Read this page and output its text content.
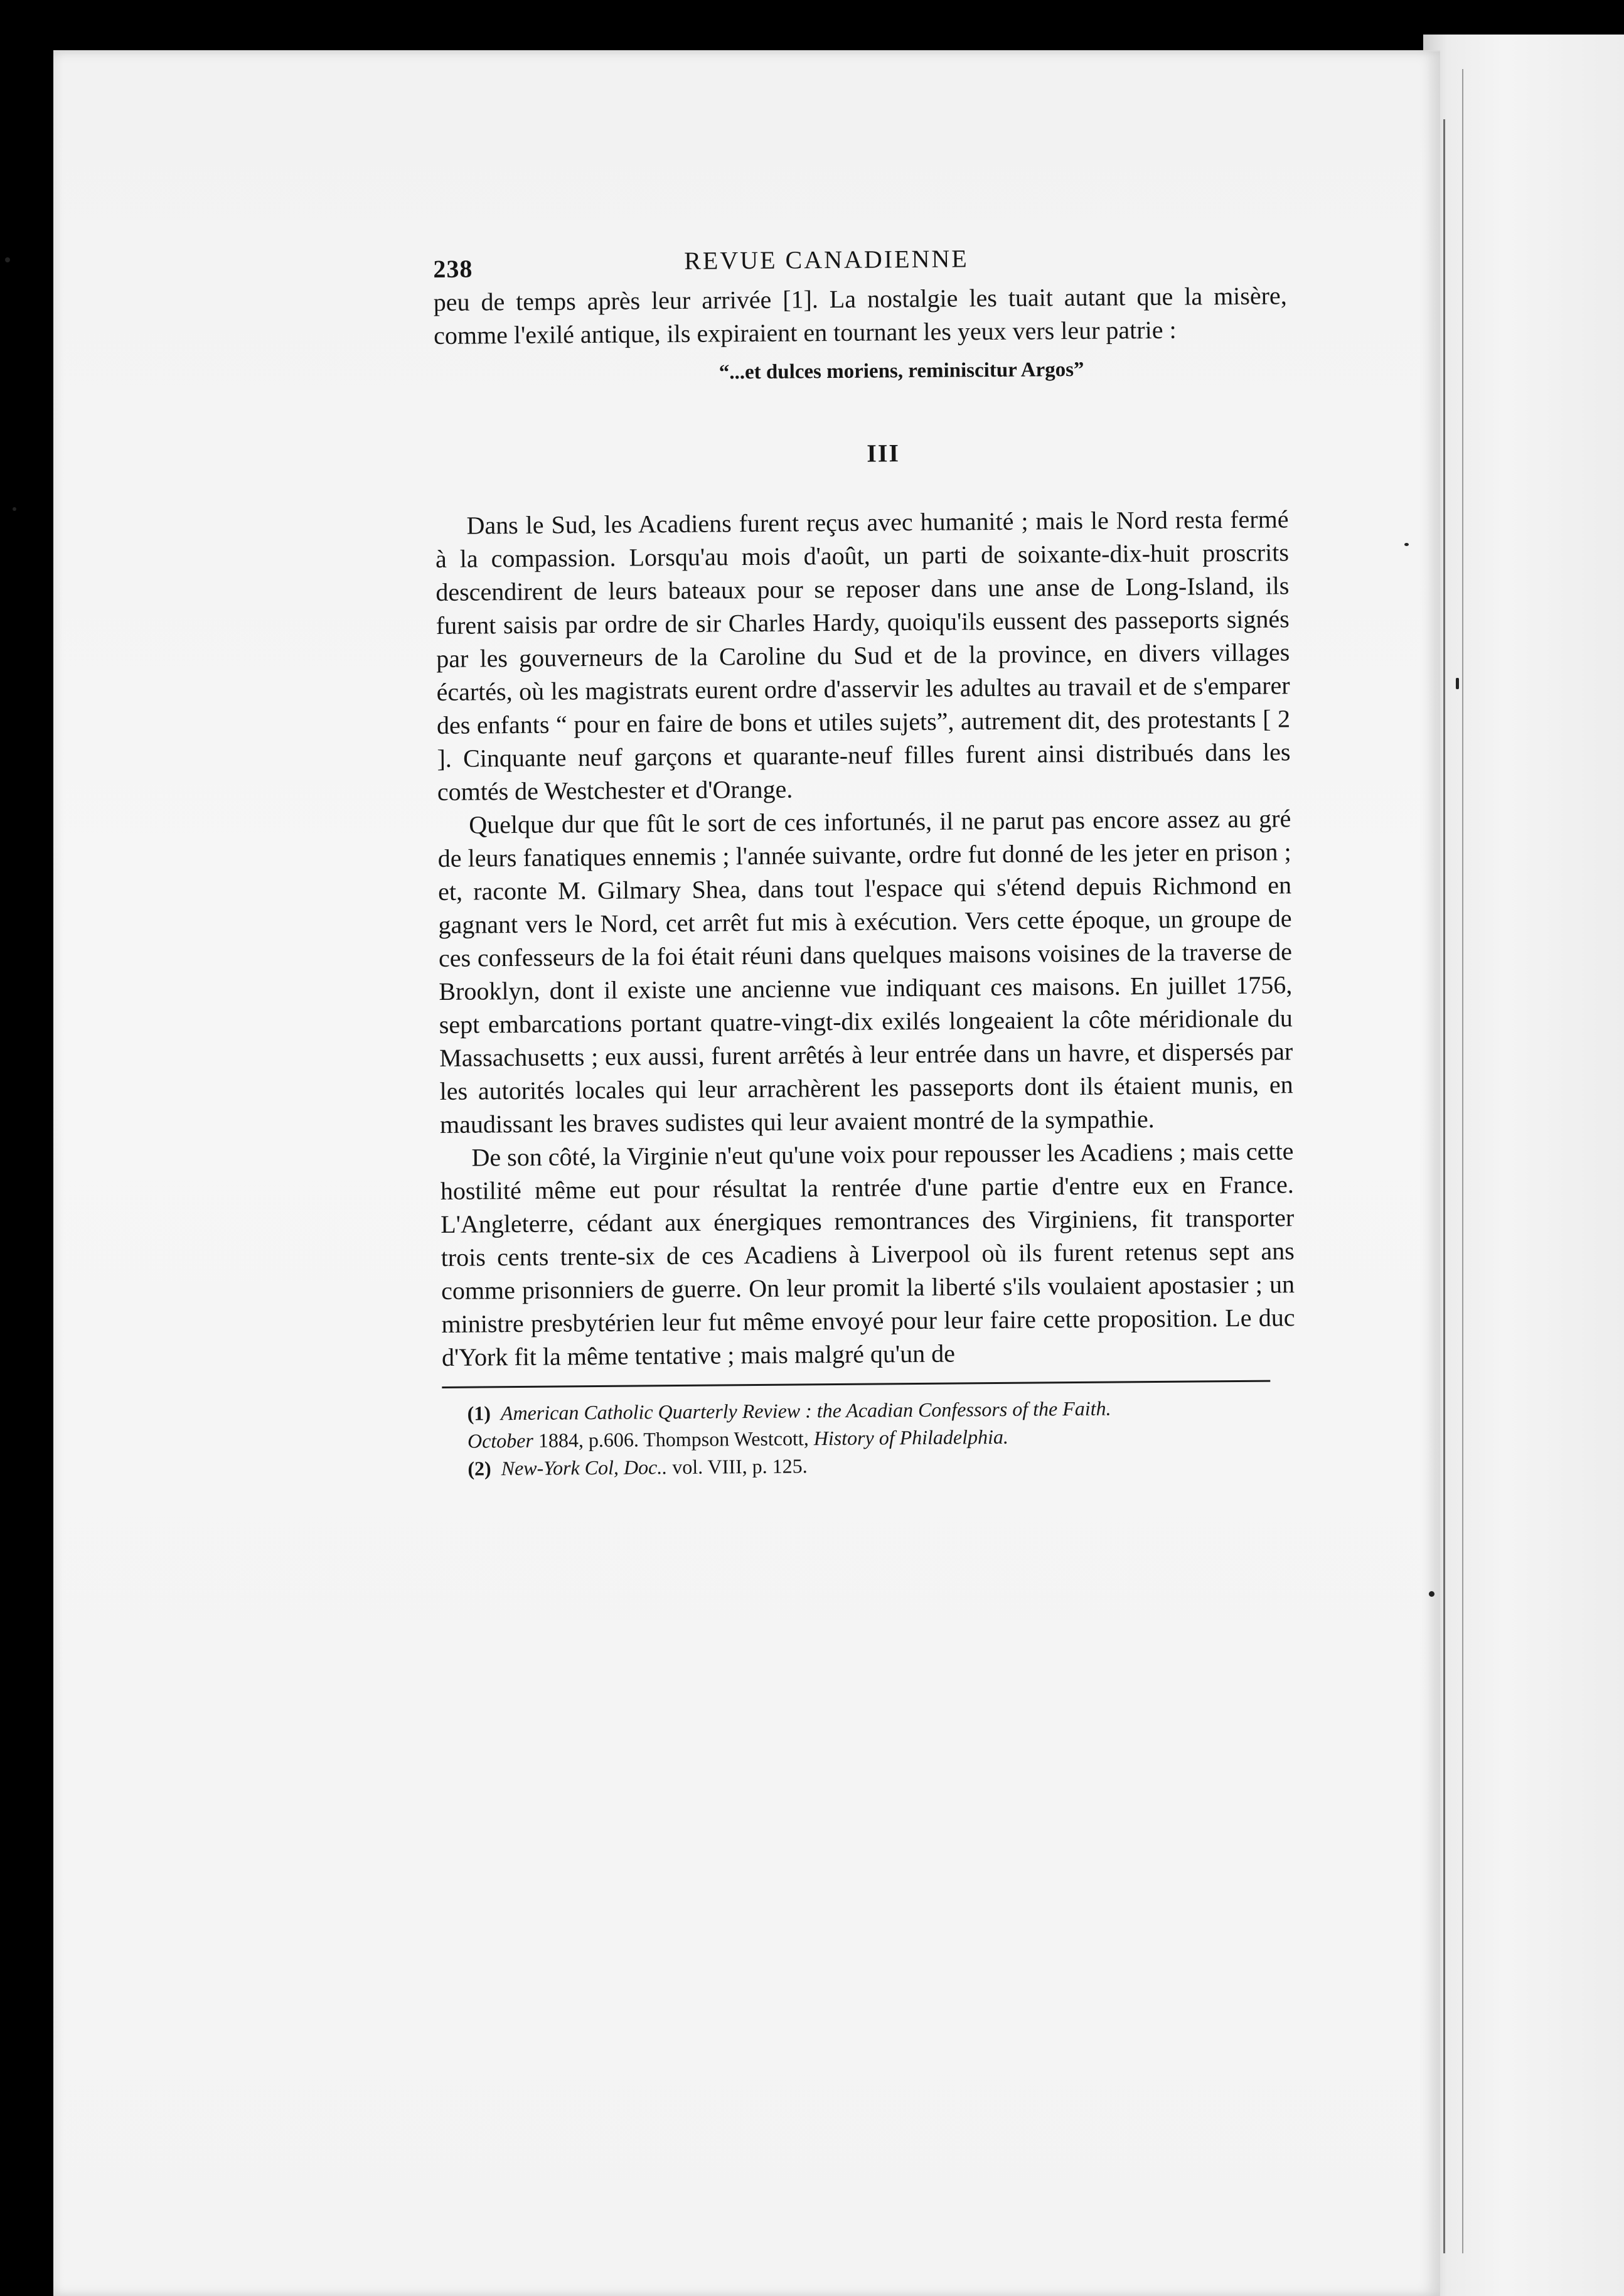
238	REVUE CANADIENNE

peu de temps après leur arrivée [1]. La nostalgie les tuait autant que la misère, comme l'exilé antique, ils expiraient en tournant les yeux vers leur patrie :

“...et dulces moriens, reminiscitur Argos”

III

Dans le Sud, les Acadiens furent reçus avec humanité ; mais le Nord resta fermé à la compassion. Lorsqu'au mois d'août, un parti de soixante-dix-huit proscrits descendirent de leurs bateaux pour se reposer dans une anse de Long-Island, ils furent saisis par ordre de sir Charles Hardy, quoiqu'ils eussent des passeports signés par les gouverneurs de la Caroline du Sud et de la province, en divers villages écartés, où les magistrats eurent ordre d'asservir les adultes au travail et de s'emparer des enfants “ pour en faire de bons et utiles sujets”, autrement dit, des protestants [ 2 ]. Cinquante neuf garçons et quarante-neuf filles furent ainsi distribués dans les comtés de Westchester et d'Orange.

Quelque dur que fût le sort de ces infortunés, il ne parut pas encore assez au gré de leurs fanatiques ennemis ; l'année suivante, ordre fut donné de les jeter en prison ; et, raconte M. Gilmary Shea, dans tout l'espace qui s'étend depuis Richmond en gagnant vers le Nord, cet arrêt fut mis à exécution. Vers cette époque, un groupe de ces confesseurs de la foi était réuni dans quelques maisons voisines de la traverse de Brooklyn, dont il existe une ancienne vue indiquant ces maisons. En juillet 1756, sept embarcations portant quatre-vingt-dix exilés longeaient la côte méridionale du Massachusetts ; eux aussi, furent arrêtés à leur entrée dans un havre, et dispersés par les autorités locales qui leur arrachèrent les passeports dont ils étaient munis, en maudissant les braves sudistes qui leur avaient montré de la sympathie.

De son côté, la Virginie n'eut qu'une voix pour repousser les Acadiens ; mais cette hostilité même eut pour résultat la rentrée d'une partie d'entre eux en France. L'Angleterre, cédant aux énergiques remontrances des Virginiens, fit transporter trois cents trente-six de ces Acadiens à Liverpool où ils furent retenus sept ans comme prisonniers de guerre. On leur promit la liberté s'ils voulaient apostasier ; un ministre presbytérien leur fut même envoyé pour leur faire cette proposition. Le duc d'York fit la même tentative ; mais malgré qu'un de

(1) American Catholic Quarterly Review : the Acadian Confessors of the Faith.
October 1884, p.606. Thompson Westcott, History of Philadelphia.
(2) New-York Col, Doc.. vol. VIII, p. 125.
